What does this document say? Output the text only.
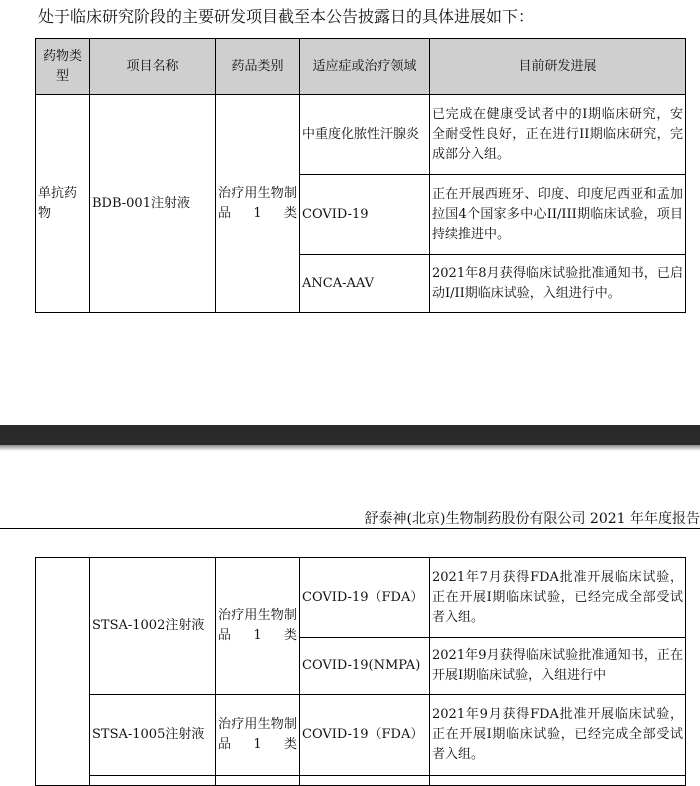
处于临床研究阶段的主要研发项目截至本公告披露日的具体进展如下：
药物类型	项目名称	药品类别	适应症或治疗领域	目前研发进展
单抗药物	BDB-001注射液	治疗用生物制品1类	中重度化脓性汗腺炎	已完成在健康受试者中的I期临床研究，安全耐受性良好，正在进行II期临床研究，完成部分入组。
			COVID-19	正在开展西班牙、印度、印度尼西亚和孟加拉国4个国家多中心II/III期临床试验，项目持续推进中。
			ANCA-AAV	2021年8月获得临床试验批准通知书，已启动I/II期临床试验，入组进行中。
舒泰神(北京)生物制药股份有限公司 2021 年年度报告
	STSA-1002注射液	治疗用生物制品1类	COVID-19（FDA）	2021年7月获得FDA批准开展临床试验，正在开展I期临床试验，已经完成全部受试者入组。
			COVID-19(NMPA)	2021年9月获得临床试验批准通知书，正在开展I期临床试验，入组进行中
	STSA-1005注射液	治疗用生物制品1类	COVID-19（FDA）	2021年9月获得FDA批准开展临床试验，正在开展I期临床试验，已经完成全部受试者入组。
